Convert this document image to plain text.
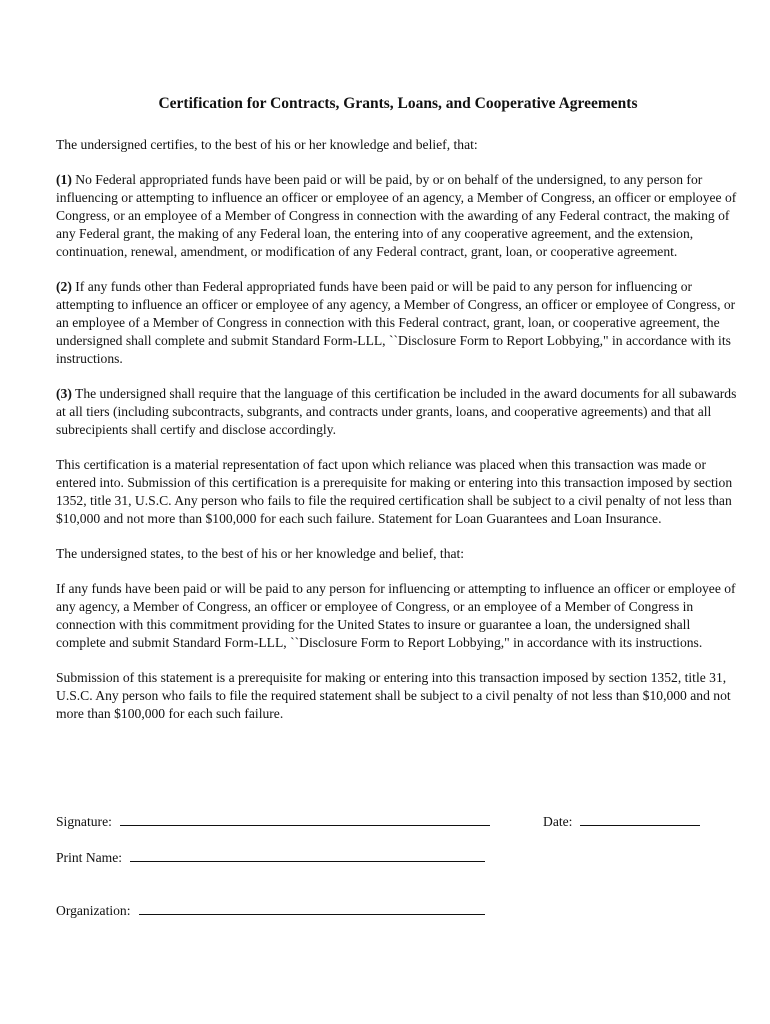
Certification for Contracts, Grants, Loans, and Cooperative Agreements

The undersigned certifies, to the best of his or her knowledge and belief, that:

(1) No Federal appropriated funds have been paid or will be paid, by or on behalf of the undersigned, to any person for influencing or attempting to influence an officer or employee of an agency, a Member of Congress, an officer or employee of Congress, or an employee of a Member of Congress in connection with the awarding of any Federal contract, the making of any Federal grant, the making of any Federal loan, the entering into of any cooperative agreement, and the extension, continuation, renewal, amendment, or modification of any Federal contract, grant, loan, or cooperative agreement.

(2) If any funds other than Federal appropriated funds have been paid or will be paid to any person for influencing or attempting to influence an officer or employee of any agency, a Member of Congress, an officer or employee of Congress, or an employee of a Member of Congress in connection with this Federal contract, grant, loan, or cooperative agreement, the undersigned shall complete and submit Standard Form-LLL, ``Disclosure Form to Report Lobbying," in accordance with its instructions.

(3) The undersigned shall require that the language of this certification be included in the award documents for all subawards at all tiers (including subcontracts, subgrants, and contracts under grants, loans, and cooperative agreements) and that all subrecipients shall certify and disclose accordingly.

This certification is a material representation of fact upon which reliance was placed when this transaction was made or entered into. Submission of this certification is a prerequisite for making or entering into this transaction imposed by section 1352, title 31, U.S.C. Any person who fails to file the required certification shall be subject to a civil penalty of not less than $10,000 and not more than $100,000 for each such failure. Statement for Loan Guarantees and Loan Insurance.

The undersigned states, to the best of his or her knowledge and belief, that:

If any funds have been paid or will be paid to any person for influencing or attempting to influence an officer or employee of any agency, a Member of Congress, an officer or employee of Congress, or an employee of a Member of Congress in connection with this commitment providing for the United States to insure or guarantee a loan, the undersigned shall complete and submit Standard Form-LLL, ``Disclosure Form to Report Lobbying," in accordance with its instructions.

Submission of this statement is a prerequisite for making or entering into this transaction imposed by section 1352, title 31, U.S.C. Any person who fails to file the required statement shall be subject to a civil penalty of not less than $10,000 and not more than $100,000 for each such failure.

Signature:	Date:
Print Name:
Organization:
